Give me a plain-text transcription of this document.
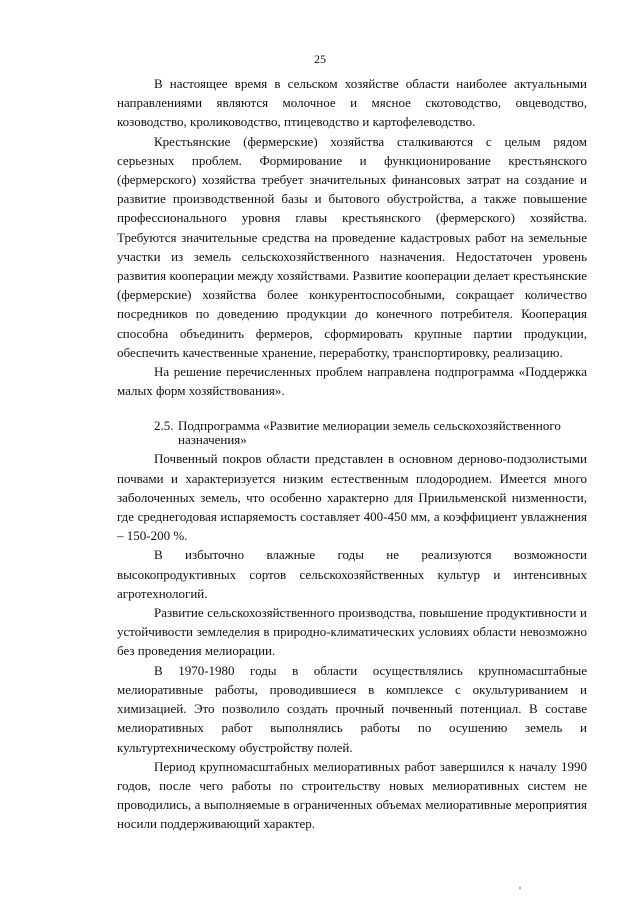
25

В настоящее время в сельском хозяйстве области наиболее актуальными направлениями являются молочное и мясное скотоводство, овцеводство, козоводство, кролиководство, птицеводство и картофелеводство.

Крестьянские (фермерские) хозяйства сталкиваются с целым рядом серьезных проблем. Формирование и функционирование крестьянского (фермерского) хозяйства требует значительных финансовых затрат на создание и развитие производственной базы и бытового обустройства, а также повышение профессионального уровня главы крестьянского (фермерского) хозяйства. Требуются значительные средства на проведение кадастровых работ на земельные участки из земель сельскохозяйственного назначения. Недостаточен уровень развития кооперации между хозяйствами. Развитие кооперации делает крестьянские (фермерские) хозяйства более конкурентоспособными, сокращает количество посредников по доведению продукции до конечного потребителя. Кооперация способна объединить фермеров, сформировать крупные партии продукции, обеспечить качественные хранение, переработку, транспортировку, реализацию.

На решение перечисленных проблем направлена подпрограмма «Поддержка малых форм хозяйствования».

2.5. Подпрограмма «Развитие мелиорации земель сельскохозяйственного
назначения»

Почвенный покров области представлен в основном дерново-подзолистыми почвами и характеризуется низким естественным плодородием. Имеется много заболоченных земель, что особенно характерно для Приильменской низменности, где среднегодовая испаряемость составляет 400-450 мм, а коэффициент увлажнения – 150-200 %.

В избыточно влажные годы не реализуются возможности высокопродуктивных сортов сельскохозяйственных культур и интенсивных агротехнологий.

Развитие сельскохозяйственного производства, повышение продуктивности и устойчивости земледелия в природно-климатических условиях области невозможно без проведения мелиорации.

В 1970-1980 годы в области осуществлялись крупномасштабные мелиоративные работы, проводившиеся в комплексе с окультуриванием и химизацией. Это позволило создать прочный почвенный потенциал. В составе мелиоративных работ выполнялись работы по осушению земель и культуртехническому обустройству полей.

Период крупномасштабных мелиоративных работ завершился к началу 1990 годов, после чего работы по строительству новых мелиоративных систем не проводились, а выполняемые в ограниченных объемах мелиоративные мероприятия носили поддерживающий характер.
